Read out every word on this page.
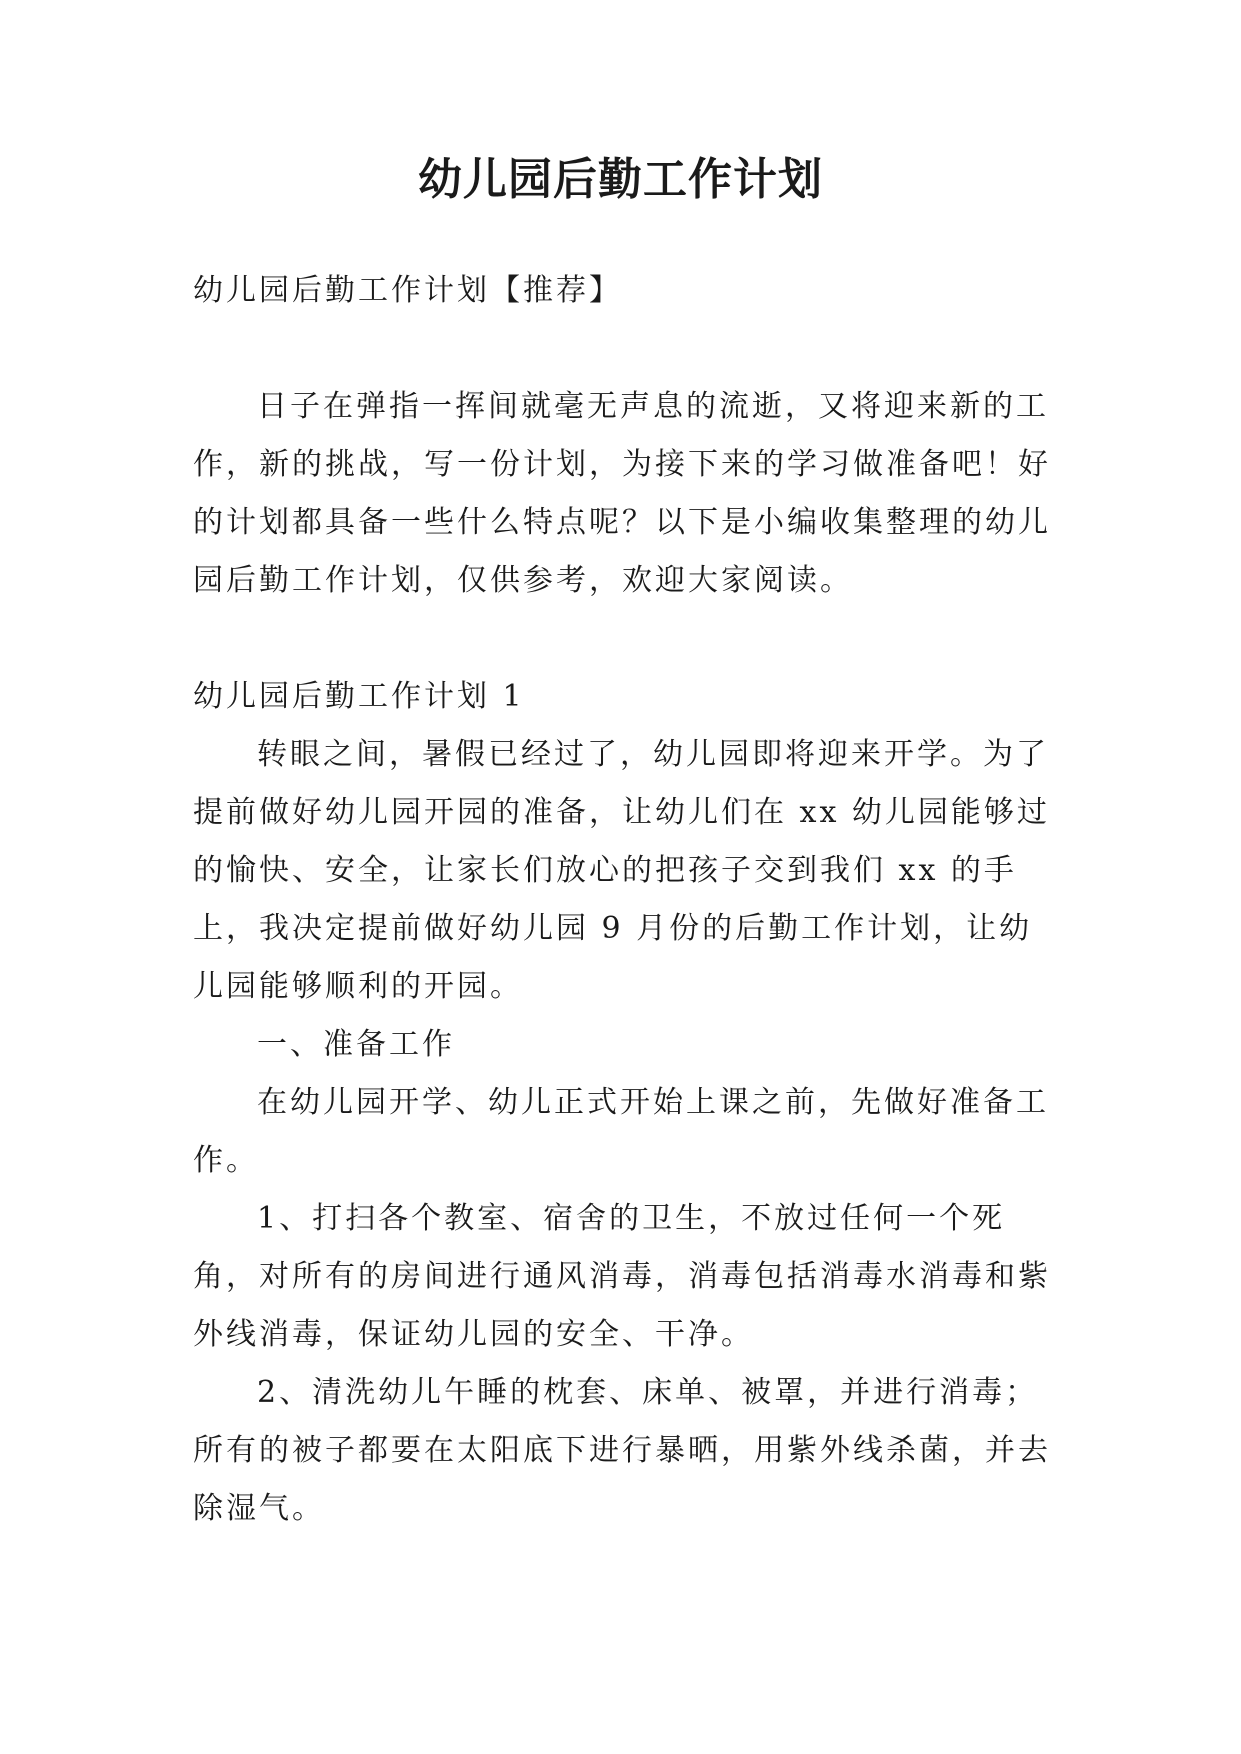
幼儿园后勤工作计划

幼儿园后勤工作计划【推荐】

日子在弹指一挥间就毫无声息的流逝，又将迎来新的工作，新的挑战，写一份计划，为接下来的学习做准备吧！好的计划都具备一些什么特点呢？以下是小编收集整理的幼儿园后勤工作计划，仅供参考，欢迎大家阅读。

幼儿园后勤工作计划 1

转眼之间，暑假已经过了，幼儿园即将迎来开学。为了提前做好幼儿园开园的准备，让幼儿们在 xx 幼儿园能够过的愉快、安全，让家长们放心的把孩子交到我们 xx 的手上，我决定提前做好幼儿园 9 月份的后勤工作计划，让幼儿园能够顺利的开园。

一、准备工作

在幼儿园开学、幼儿正式开始上课之前，先做好准备工作。

1、打扫各个教室、宿舍的卫生，不放过任何一个死角，对所有的房间进行通风消毒，消毒包括消毒水消毒和紫外线消毒，保证幼儿园的安全、干净。

2、清洗幼儿午睡的枕套、床单、被罩，并进行消毒；所有的被子都要在太阳底下进行暴晒，用紫外线杀菌，并去除湿气。
